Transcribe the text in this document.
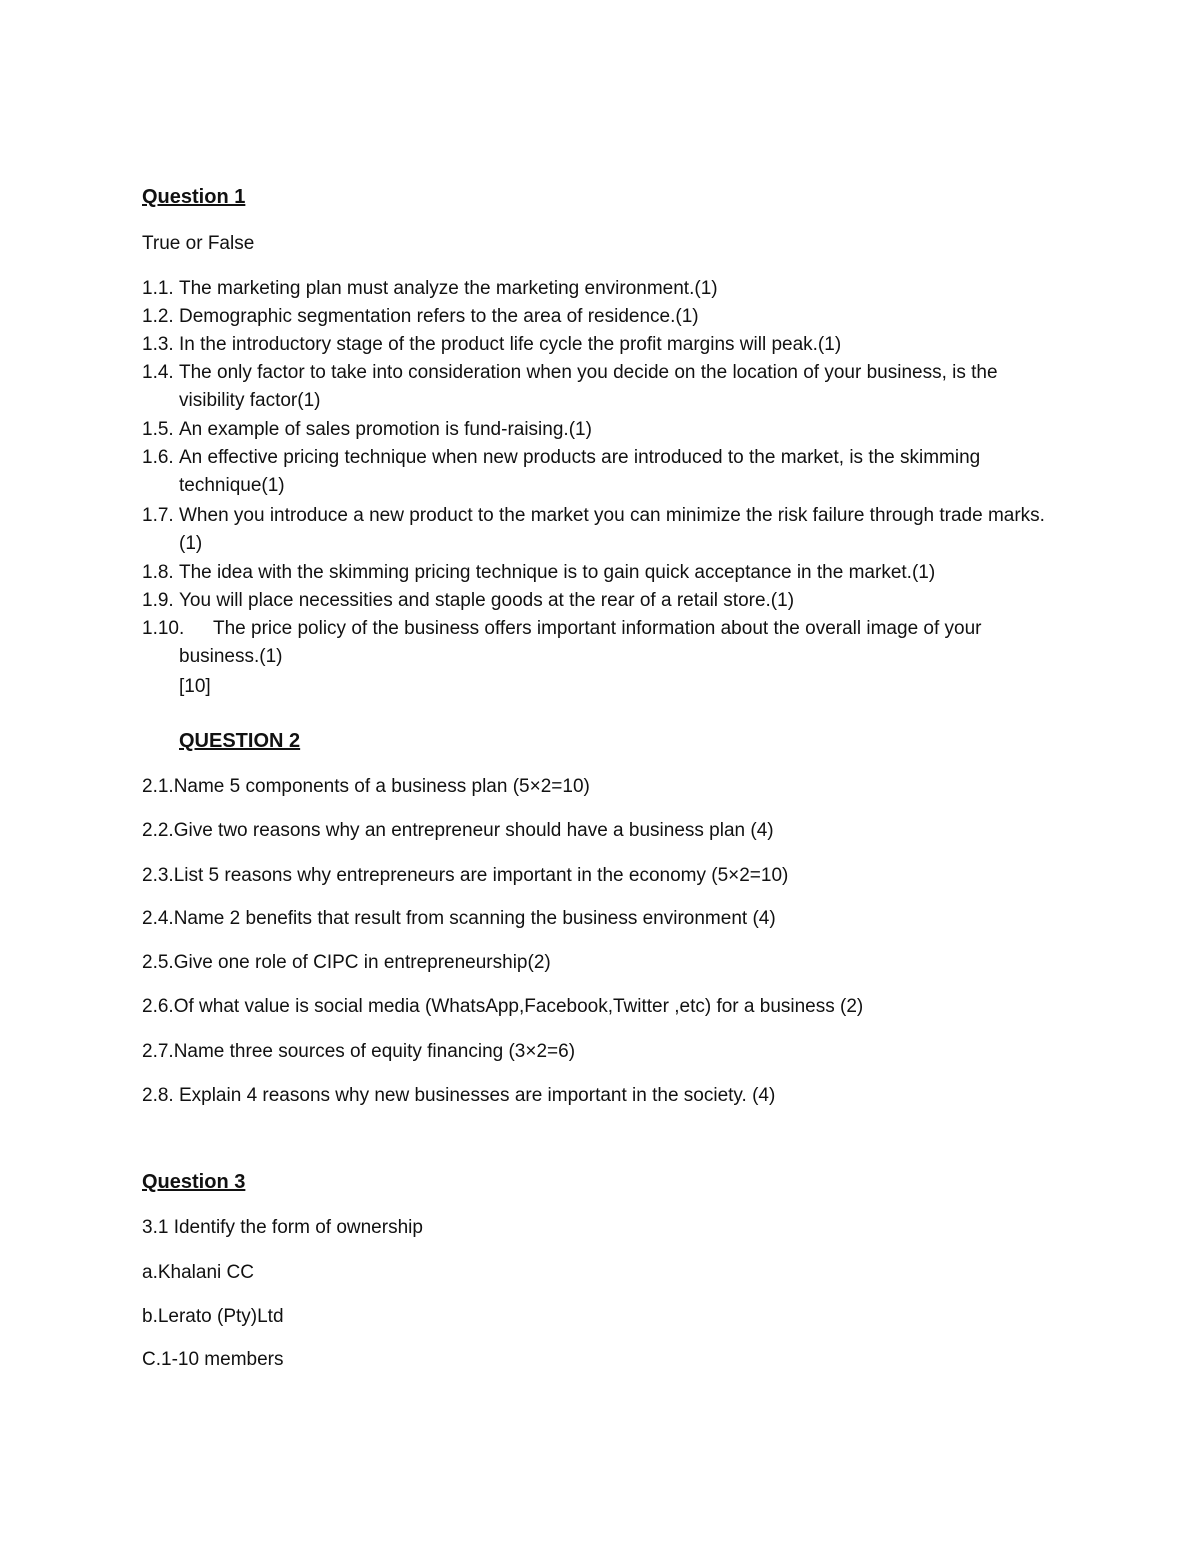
Question 1
True or False
1.1. The marketing plan must analyze the marketing environment.(1)
1.2. Demographic segmentation refers to the area of residence.(1)
1.3. In the introductory stage of the product life cycle the profit margins will peak.(1)
1.4. The only factor to take into consideration when you decide on the location of your business, is the visibility factor(1)
1.5. An example of sales promotion is fund-raising.(1)
1.6. An effective pricing technique when new products are introduced to the market, is the skimming technique(1)
1.7. When you introduce a new product to the market you can minimize the risk failure through trade marks.(1)
1.8. The idea with the skimming pricing technique is to gain quick acceptance in the market.(1)
1.9. You will place necessities and staple goods at the rear of a retail store.(1)
1.10.	The price policy of the business offers important information about the overall image of your business.(1)
[10]
QUESTION 2
2.1.Name 5 components of a business plan (5×2=10)
2.2.Give two reasons why an entrepreneur should have a business plan (4)
2.3.List 5 reasons why entrepreneurs are important in the economy (5×2=10)
2.4.Name 2 benefits that result from scanning the business environment (4)
2.5.Give one role of CIPC in entrepreneurship(2)
2.6.Of what value is social media (WhatsApp,Facebook,Twitter ,etc) for a business (2)
2.7.Name three sources of equity financing (3×2=6)
2.8. Explain 4 reasons why new businesses are important in the society. (4)
Question 3
3.1 Identify the form of ownership
a.Khalani CC
b.Lerato (Pty)Ltd
C.1-10 members
